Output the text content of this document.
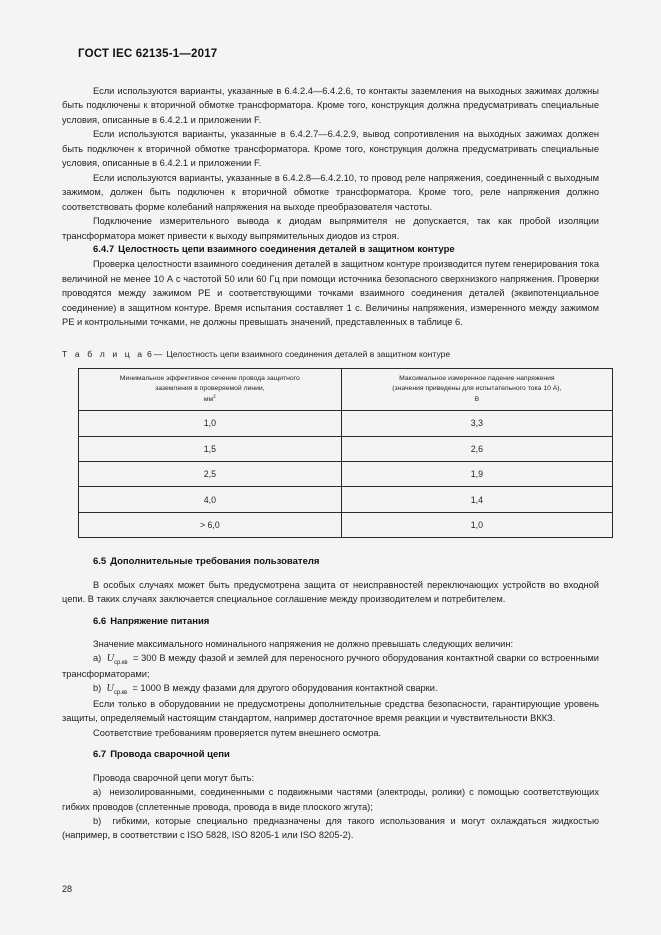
ГОСТ IEC 62135-1—2017

Если используются варианты, указанные в 6.4.2.4—6.4.2.6, то контакты заземления на выходных зажимах должны быть подключены к вторичной обмотке трансформатора. Кроме того, конструкция должна предусматривать специальные условия, описанные в 6.4.2.1 и приложении F.

Если используются варианты, указанные в 6.4.2.7—6.4.2.9, вывод сопротивления на выходных зажимах должен быть подключен к вторичной обмотке трансформатора. Кроме того, конструкция должна предусматривать специальные условия, описанные в 6.4.2.1 и приложении F.

Если используются варианты, указанные в 6.4.2.8—6.4.2.10, то провод реле напряжения, соединенный с выходным зажимом, должен быть подключен к вторичной обмотке трансформатора. Кроме того, реле напряжения должно соответствовать форме колебаний напряжения на выходе преобразователя частоты.

Подключение измерительного вывода к диодам выпрямителя не допускается, так как пробой изоляции трансформатора может привести к выходу выпрямительных диодов из строя.

6.4.7 Целостность цепи взаимного соединения деталей в защитном контуре

Проверка целостности взаимного соединения деталей в защитном контуре производится путем генерирования тока величиной не менее 10 А с частотой 50 или 60 Гц при помощи источника безопасного сверхнизкого напряжения. Проверки проводятся между зажимом PE и соответствующими точками взаимного соединения деталей (эквипотенциальное соединение) в защитном контуре. Время испытания составляет 1 с. Величины напряжения, измеренного между зажимом PE и контрольными точками, не должны превышать значений, представленных в таблице 6.

Т а б л и ц а 6 — Целостность цепи взаимного соединения деталей в защитном контуре

Минимальное эффективное сечение провода защитного
заземления в проверяемой линии,
$мм^2$	Максимальное измеренное падение напряжения
(значения приведены для испытательного тока 10 А),
В
1,0	3,3
1,5	2,6
2,5	1,9
4,0	1,4
> 6,0	1,0
6.5 Дополнительные требования пользователя

В особых случаях может быть предусмотрена защита от неисправностей переключающих устройств во входной цепи. В таких случаях заключается специальное соглашение между производителем и потребителем.

6.6 Напряжение питания

Значение максимального номинального напряжения не должно превышать следующих величин:

a) $U_{ср.кв} = 300$ В между фазой и землей для переносного ручного оборудования контактной сварки со встроенными трансформаторами;

b) $U_{ср.кв} = 1000$ В между фазами для другого оборудования контактной сварки.

Если только в оборудовании не предусмотрены дополнительные средства безопасности, гарантирующие уровень защиты, определяемый настоящим стандартом, например достаточное время реакции и чувствительности ВККЗ.

Соответствие требованиям проверяется путем внешнего осмотра.

6.7 Провода сварочной цепи

Провода сварочной цепи могут быть:

a) неизолированными, соединенными с подвижными частями (электроды, ролики) с помощью соответствующих гибких проводов (сплетенные провода, провода в виде плоского жгута);

b) гибкими, которые специально предназначены для такого использования и могут охлаждаться жидкостью (например, в соответствии с ISO 5828, ISO 8205-1 или ISO 8205-2).

28
